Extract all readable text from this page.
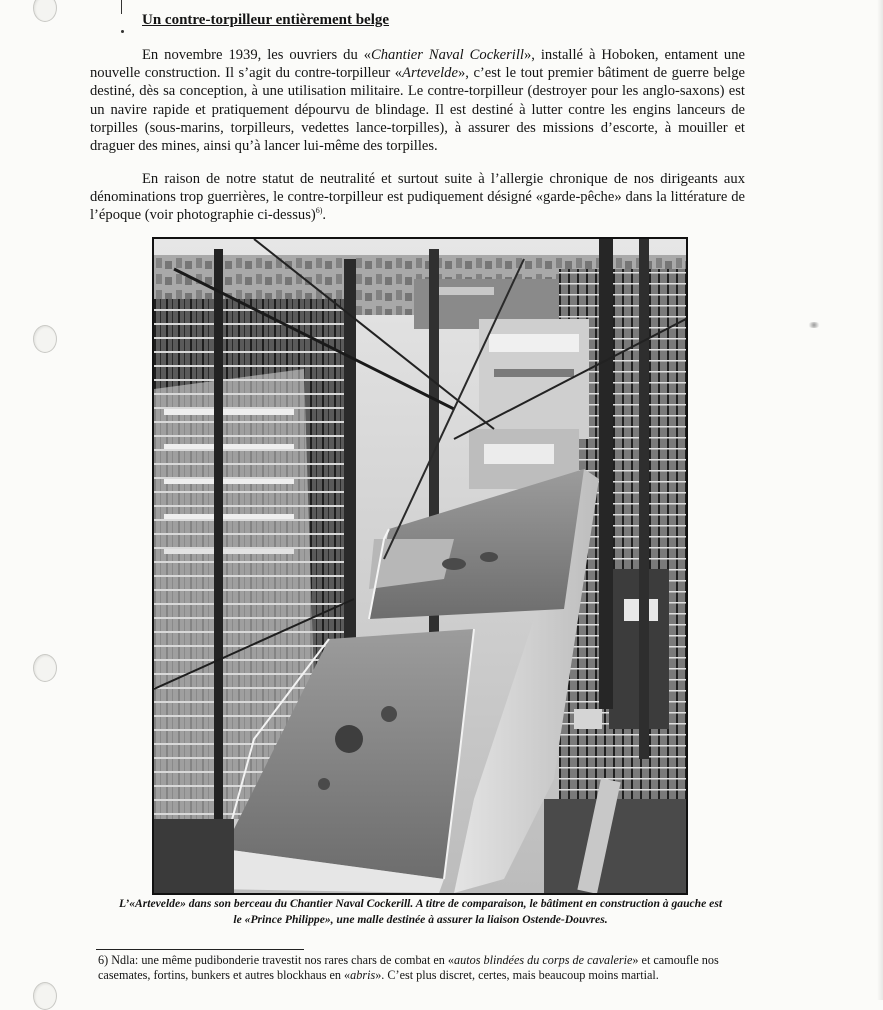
Un contre-torpilleur entièrement belge

En novembre 1939, les ouvriers du «Chantier Naval Cockerill», installé à Hoboken, entament une nouvelle construction. Il s’agit du contre-torpilleur «Artevelde», c’est le tout premier bâtiment de guerre belge destiné, dès sa conception, à une utilisation militaire. Le contre-torpilleur (destroyer pour les anglo-saxons) est un navire rapide et pratiquement dépourvu de blindage. Il est destiné à lutter contre les engins lanceurs de torpilles (sous-marins, torpilleurs, vedettes lance-torpilles), à assurer des missions d’escorte, à mouiller et draguer des mines, ainsi qu’à lancer lui-même des torpilles.

En raison de notre statut de neutralité et surtout suite à l’allergie chronique de nos dirigeants aux dénominations trop guerrières, le contre-torpilleur est pudiquement désigné «garde-pêche» dans la littérature de l’époque (voir photographie ci-dessus)$^{6)}$.

L’«Artevelde» dans son berceau du Chantier Naval Cockerill. A titre de comparaison, le bâtiment en construction à gauche est le «Prince Philippe», une malle destinée à assurer la liaison Ostende-Douvres.

6) Ndla: une même pudibonderie travestit nos rares chars de combat en «autos blindées du corps de cavalerie» et camoufle nos casemates, fortins, bunkers et autres blockhaus en «abris». C’est plus discret, certes, mais beaucoup moins martial.
